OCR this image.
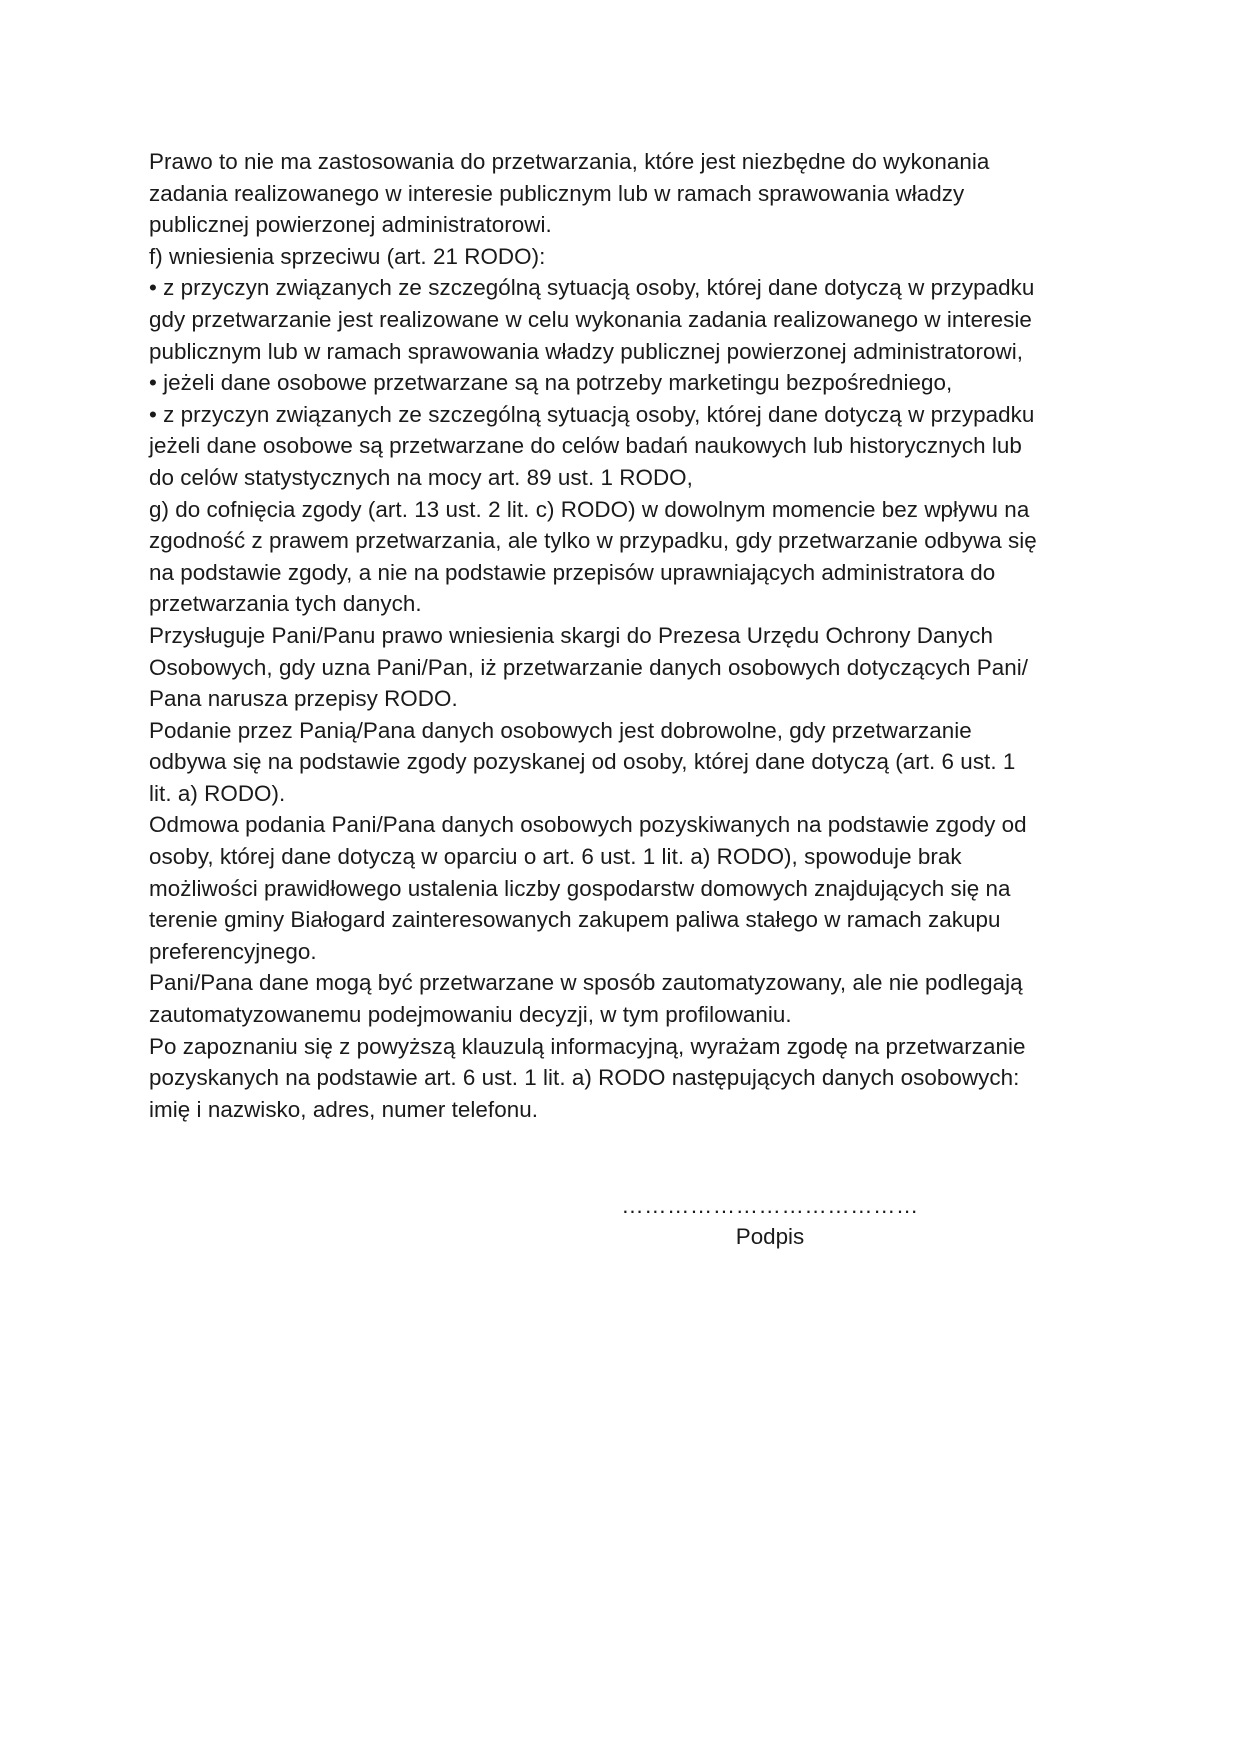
Prawo to nie ma zastosowania do przetwarzania, które jest niezbędne do wykonania
zadania realizowanego w interesie publicznym lub w ramach sprawowania władzy
publicznej powierzonej administratorowi.
f) wniesienia sprzeciwu (art. 21 RODO):
• z przyczyn związanych ze szczególną sytuacją osoby, której dane dotyczą w przypadku
gdy przetwarzanie jest realizowane w celu wykonania zadania realizowanego w interesie
publicznym lub w ramach sprawowania władzy publicznej powierzonej administratorowi,
• jeżeli dane osobowe przetwarzane są na potrzeby marketingu bezpośredniego,
• z przyczyn związanych ze szczególną sytuacją osoby, której dane dotyczą w przypadku
jeżeli dane osobowe są przetwarzane do celów badań naukowych lub historycznych lub
do celów statystycznych na mocy art. 89 ust. 1 RODO,
g) do cofnięcia zgody (art. 13 ust. 2 lit. c) RODO) w dowolnym momencie bez wpływu na
zgodność z prawem przetwarzania, ale tylko w przypadku, gdy przetwarzanie odbywa się
na podstawie zgody, a nie na podstawie przepisów uprawniających administratora do
przetwarzania tych danych.
Przysługuje Pani/Panu prawo wniesienia skargi do Prezesa Urzędu Ochrony Danych
Osobowych, gdy uzna Pani/Pan, iż przetwarzanie danych osobowych dotyczących Pani/
Pana narusza przepisy RODO.
Podanie przez Panią/Pana danych osobowych jest dobrowolne, gdy przetwarzanie
odbywa się na podstawie zgody pozyskanej od osoby, której dane dotyczą (art. 6 ust. 1
lit. a) RODO).
Odmowa podania Pani/Pana danych osobowych pozyskiwanych na podstawie zgody od
osoby, której dane dotyczą w oparciu o art. 6 ust. 1 lit. a) RODO), spowoduje brak
możliwości prawidłowego ustalenia liczby gospodarstw domowych znajdujących się na
terenie gminy Białogard zainteresowanych zakupem paliwa stałego w ramach zakupu
preferencyjnego.
Pani/Pana dane mogą być przetwarzane w sposób zautomatyzowany, ale nie podlegają
zautomatyzowanemu podejmowaniu decyzji, w tym profilowaniu.
Po zapoznaniu się z powyższą klauzulą informacyjną, wyrażam zgodę na przetwarzanie
pozyskanych na podstawie art. 6 ust. 1 lit. a) RODO następujących danych osobowych:
imię i nazwisko, adres, numer telefonu.
…………………………………
Podpis
